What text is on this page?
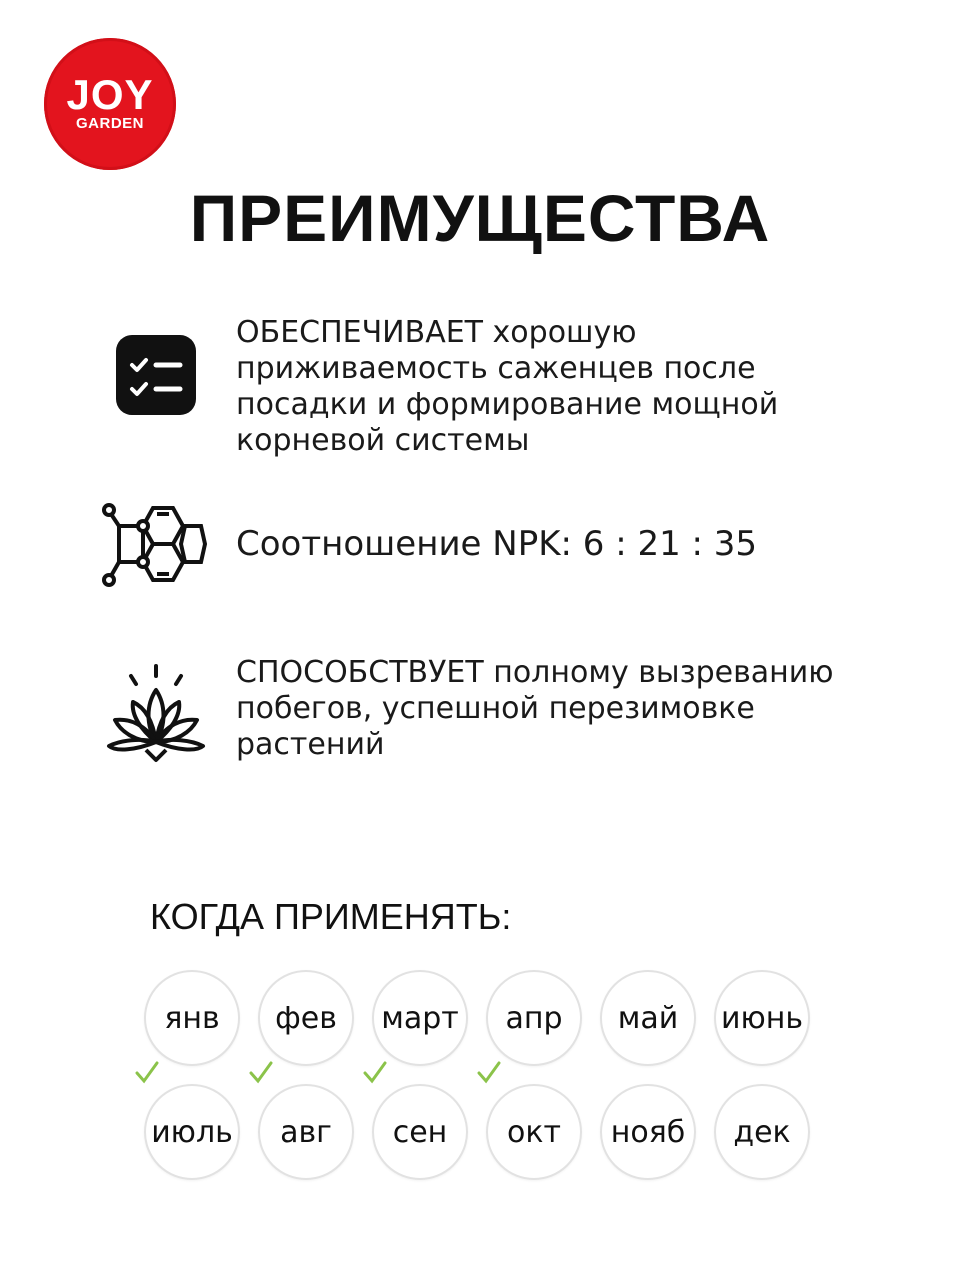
JOY
GARDEN
ПРЕИМУЩЕСТВА
ОБЕСПЕЧИВАЕТ хорошую приживаемость саженцев после посадки и формирование мощной корневой системы
Соотношение NPK: 6 : 21 : 35
СПОСОБСТВУЕТ полному вызреванию побегов, успешной перезимовке растений
КОГДА ПРИМЕНЯТЬ:
янв фев март апр май июнь
июль авг сен окт нояб дек
